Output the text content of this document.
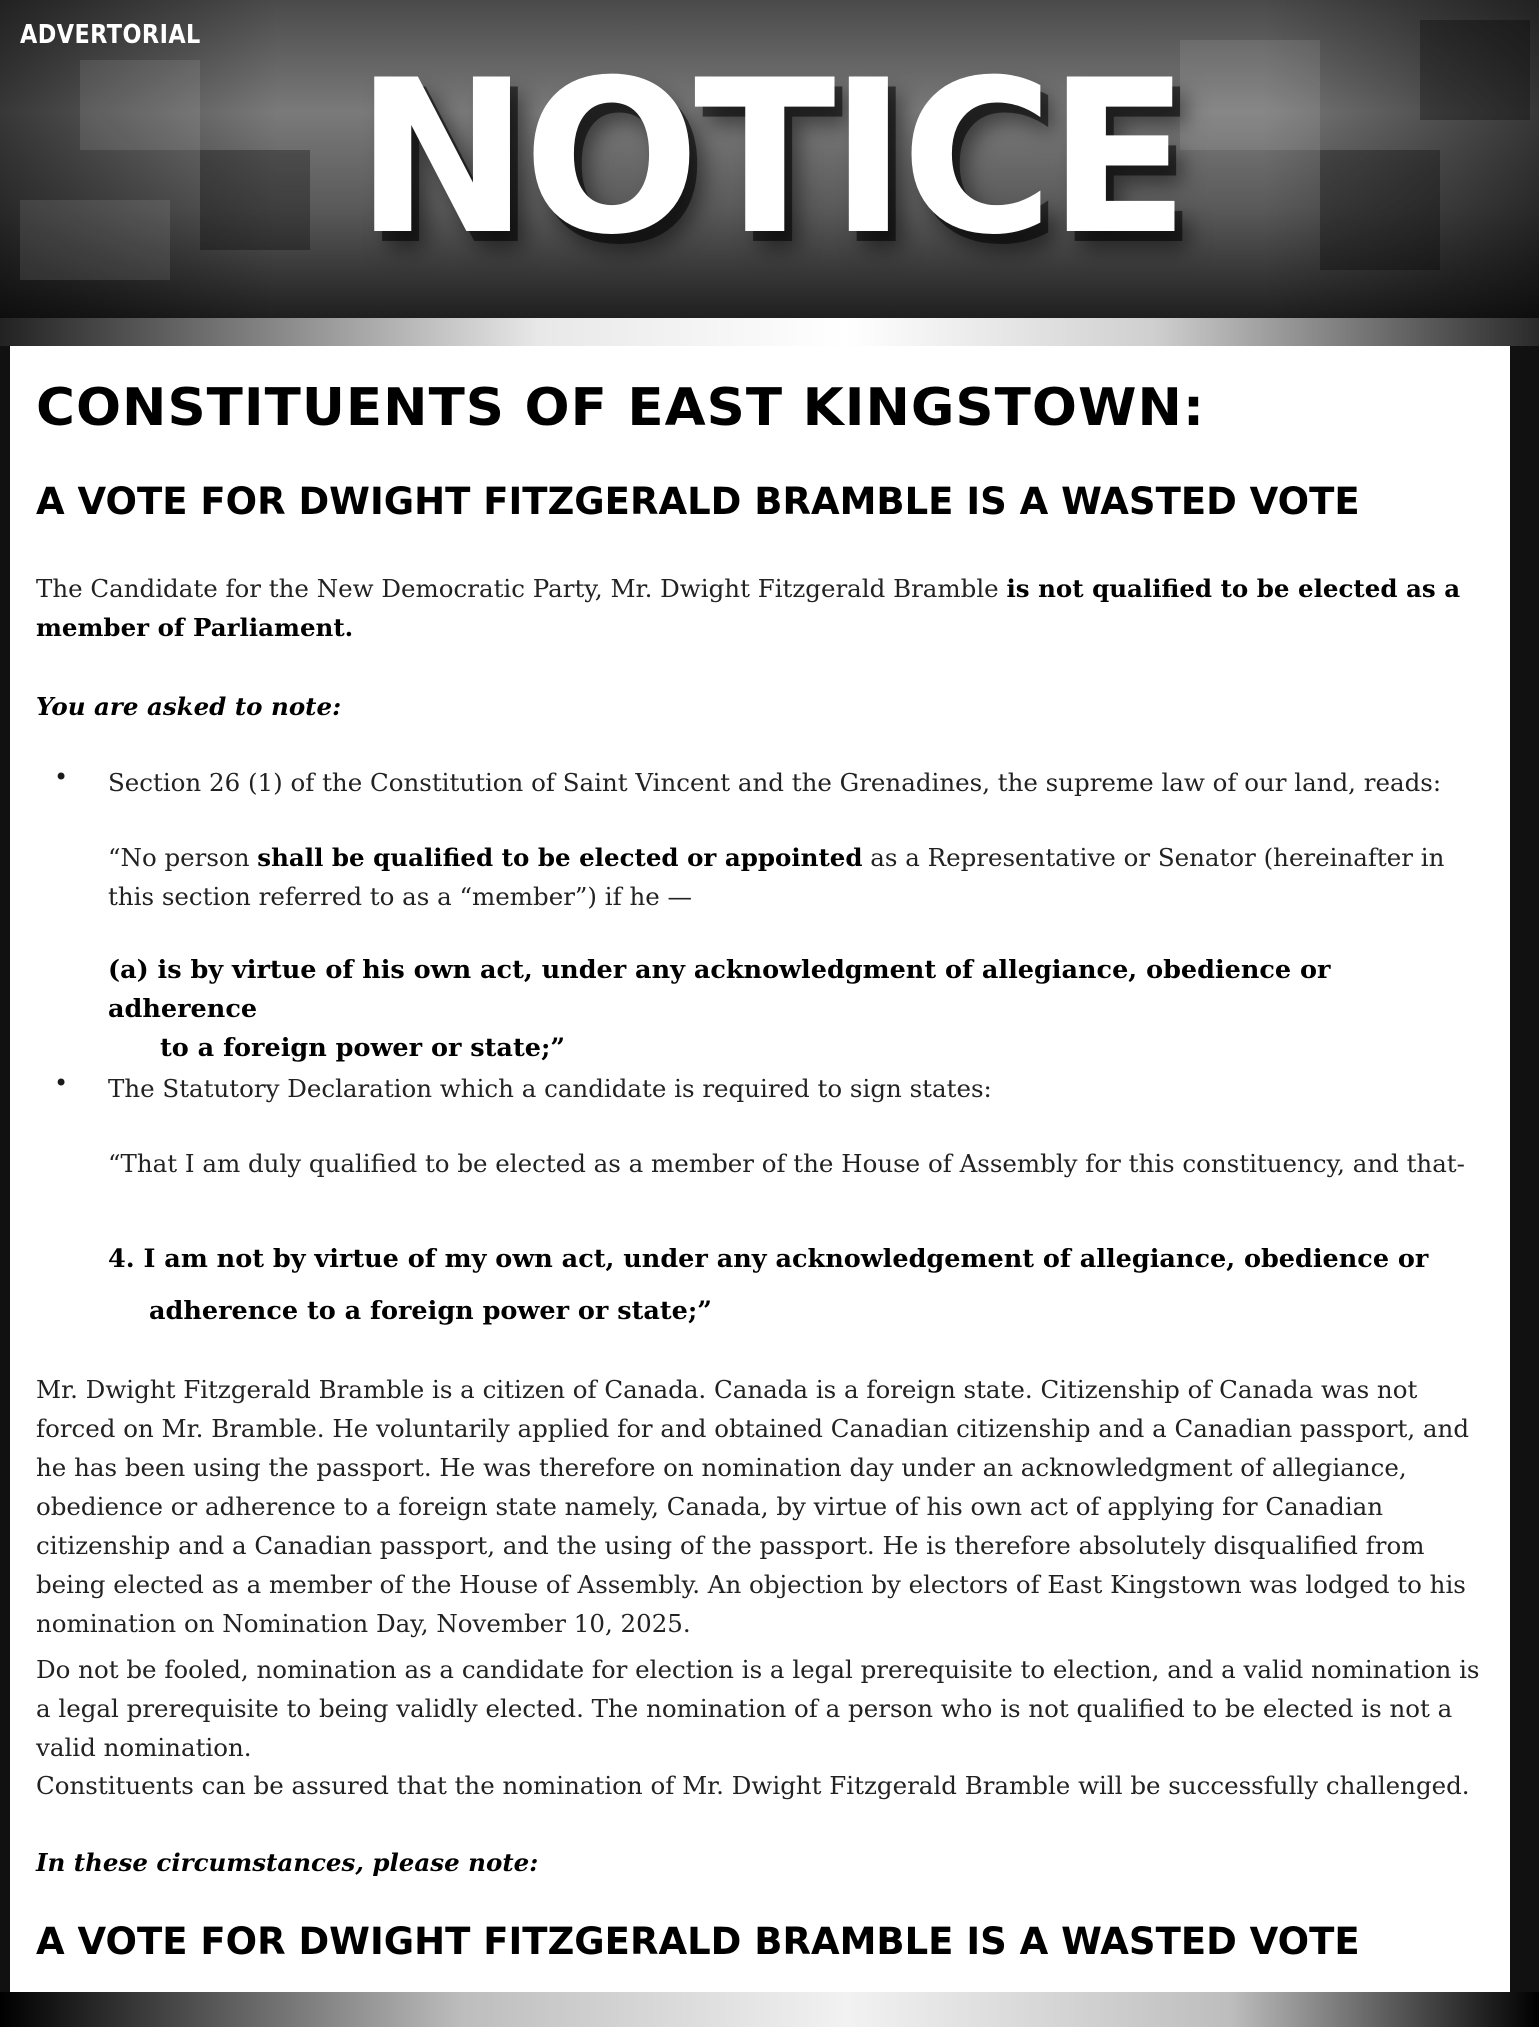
ADVERTORIAL NOTICE
CONSTITUENTS OF EAST KINGSTOWN:
A VOTE FOR DWIGHT FITZGERALD BRAMBLE IS A WASTED VOTE
The Candidate for the New Democratic Party, Mr. Dwight Fitzgerald Bramble is not qualified to be elected as a member of Parliament.
You are asked to note:
• Section 26 (1) of the Constitution of Saint Vincent and the Grenadines, the supreme law of our land, reads:
“No person shall be qualified to be elected or appointed as a Representative or Senator (hereinafter in this section referred to as a “member”) if he —
(a) is by virtue of his own act, under any acknowledgment of allegiance, obedience or adherence
to a foreign power or state;”
• The Statutory Declaration which a candidate is required to sign states:
“That I am duly qualified to be elected as a member of the House of Assembly for this constituency, and that-
4. I am not by virtue of my own act, under any acknowledgement of allegiance, obedience or
adherence to a foreign power or state;”
Mr. Dwight Fitzgerald Bramble is a citizen of Canada. Canada is a foreign state. Citizenship of Canada was not forced on Mr. Bramble. He voluntarily applied for and obtained Canadian citizenship and a Canadian passport, and he has been using the passport. He was therefore on nomination day under an acknowledgment of allegiance, obedience or adherence to a foreign state namely, Canada, by virtue of his own act of applying for Canadian citizenship and a Canadian passport, and the using of the passport. He is therefore absolutely disqualified from being elected as a member of the House of Assembly. An objection by electors of East Kingstown was lodged to his nomination on Nomination Day, November 10, 2025.
Do not be fooled, nomination as a candidate for election is a legal prerequisite to election, and a valid nomination is a legal prerequisite to being validly elected. The nomination of a person who is not qualified to be elected is not a valid nomination.
Constituents can be assured that the nomination of Mr. Dwight Fitzgerald Bramble will be successfully challenged.
In these circumstances, please note:
A VOTE FOR DWIGHT FITZGERALD BRAMBLE IS A WASTED VOTE
